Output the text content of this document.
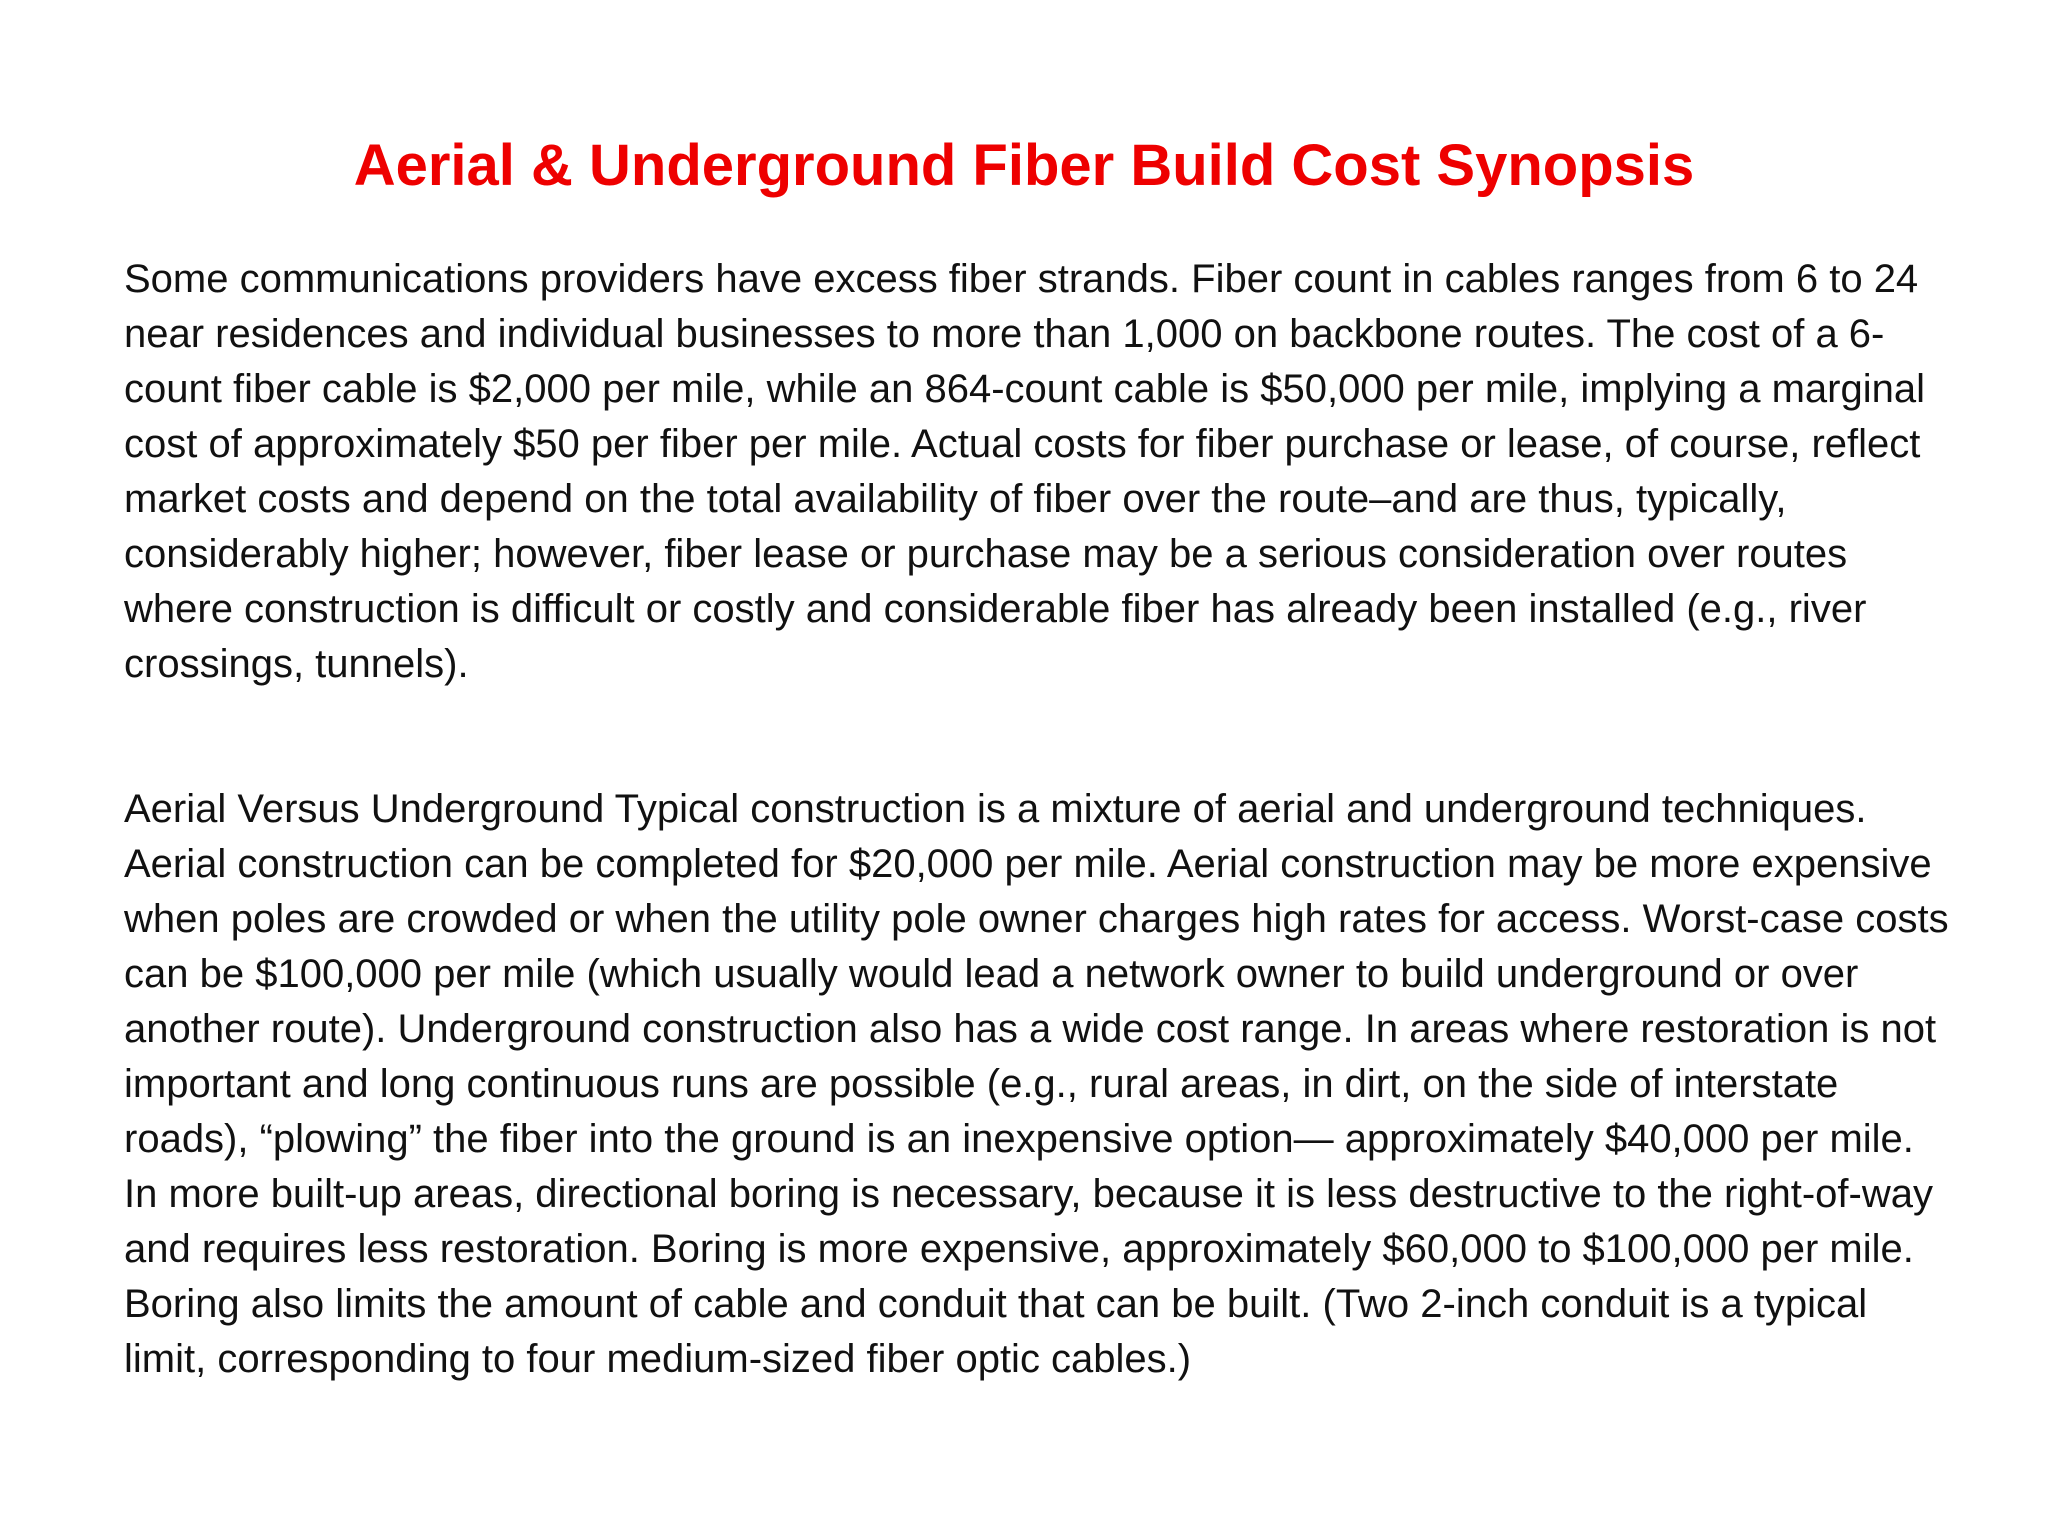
Aerial & Underground Fiber Build Cost Synopsis

Some communications providers have excess fiber strands. Fiber count in cables ranges from 6 to 24 near residences and individual businesses to more than 1,000 on backbone routes. The cost of a 6-count fiber cable is $2,000 per mile, while an 864-count cable is $50,000 per mile, implying a marginal cost of approximately $50 per fiber per mile. Actual costs for fiber purchase or lease, of course, reflect market costs and depend on the total availability of fiber over the route–and are thus, typically, considerably higher; however, fiber lease or purchase may be a serious consideration over routes where construction is difficult or costly and considerable fiber has already been installed (e.g., river crossings, tunnels).

Aerial Versus Underground Typical construction is a mixture of aerial and underground techniques. Aerial construction can be completed for $20,000 per mile. Aerial construction may be more expensive when poles are crowded or when the utility pole owner charges high rates for access. Worst-case costs can be $100,000 per mile (which usually would lead a network owner to build underground or over another route). Underground construction also has a wide cost range. In areas where restoration is not important and long continuous runs are possible (e.g., rural areas, in dirt, on the side of interstate roads), “plowing” the fiber into the ground is an inexpensive option— approximately $40,000 per mile. In more built-up areas, directional boring is necessary, because it is less destructive to the right-of-way and requires less restoration. Boring is more expensive, approximately $60,000 to $100,000 per mile. Boring also limits the amount of cable and conduit that can be built. (Two 2-inch conduit is a typical limit, corresponding to four medium-sized fiber optic cables.)
